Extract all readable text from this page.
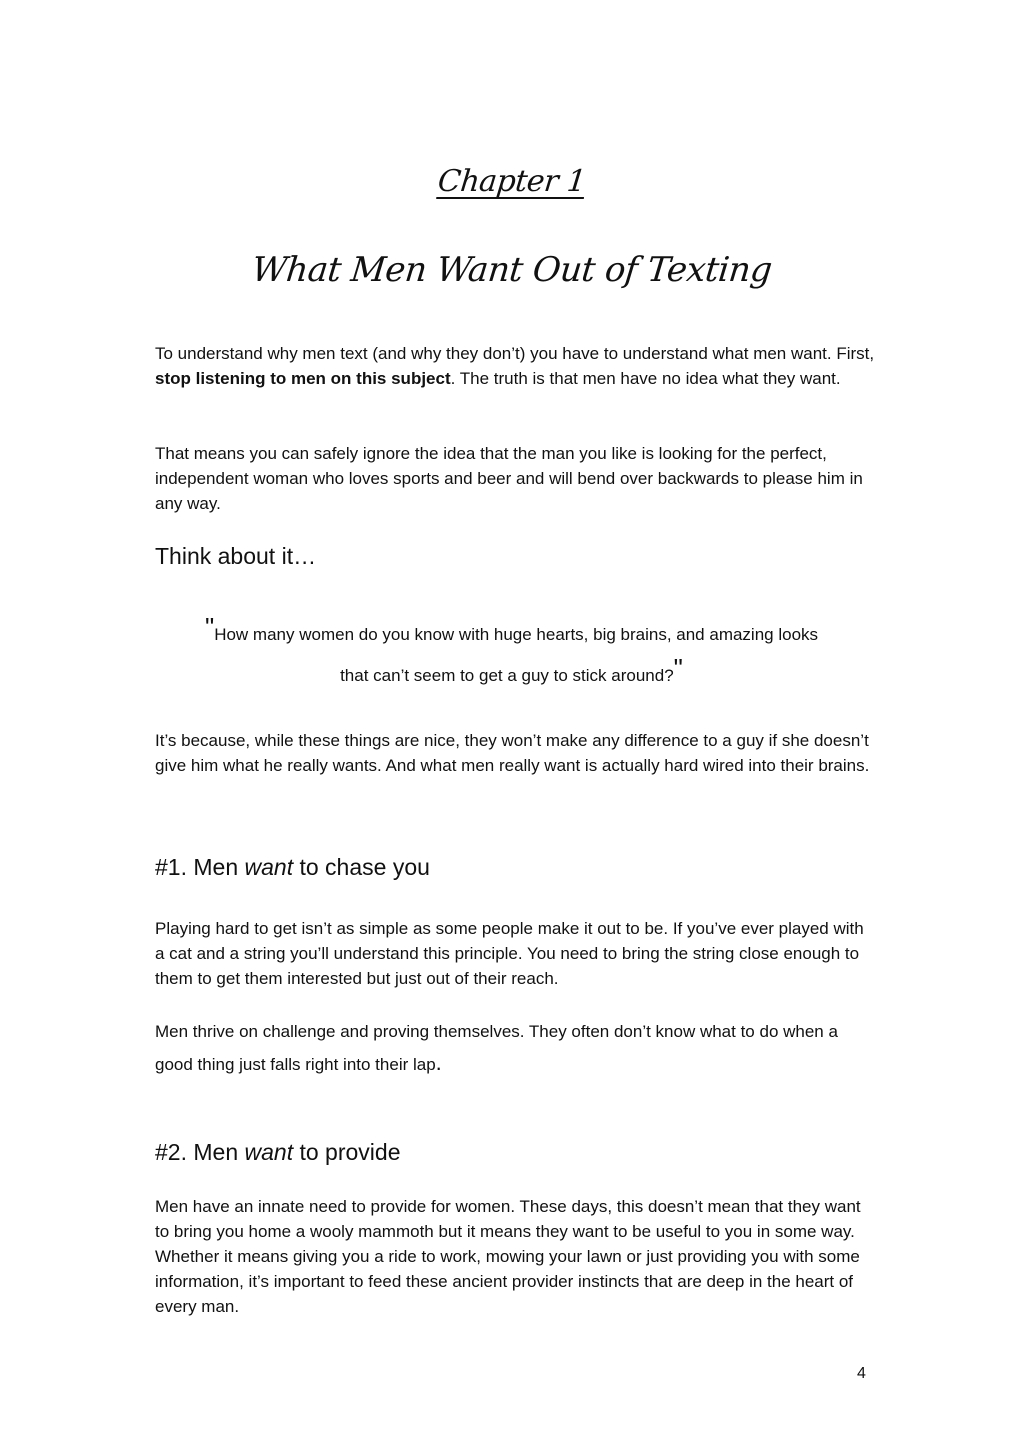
Chapter 1
What Men Want Out of Texting

To understand why men text (and why they don’t) you have to understand what men want. First, stop listening to men on this subject. The truth is that men have no idea what they want.

That means you can safely ignore the idea that the man you like is looking for the perfect, independent woman who loves sports and beer and will bend over backwards to please him in any way.

Think about it…

"How many women do you know with huge hearts, big brains, and amazing looks

that can’t seem to get a guy to stick around?"

It’s because, while these things are nice, they won’t make any difference to a guy if she doesn’t give him what he really wants. And what men really want is actually hard wired into their brains.

#1. Men want to chase you

Playing hard to get isn’t as simple as some people make it out to be. If you’ve ever played with a cat and a string you’ll understand this principle. You need to bring the string close enough to them to get them interested but just out of their reach.

Men thrive on challenge and proving themselves. They often don’t know what to do when a good thing just falls right into their lap.

#2. Men want to provide

Men have an innate need to provide for women. These days, this doesn’t mean that they want to bring you home a wooly mammoth but it means they want to be useful to you in some way. Whether it means giving you a ride to work, mowing your lawn or just providing you with some information, it’s important to feed these ancient provider instincts that are deep in the heart of every man.

4
